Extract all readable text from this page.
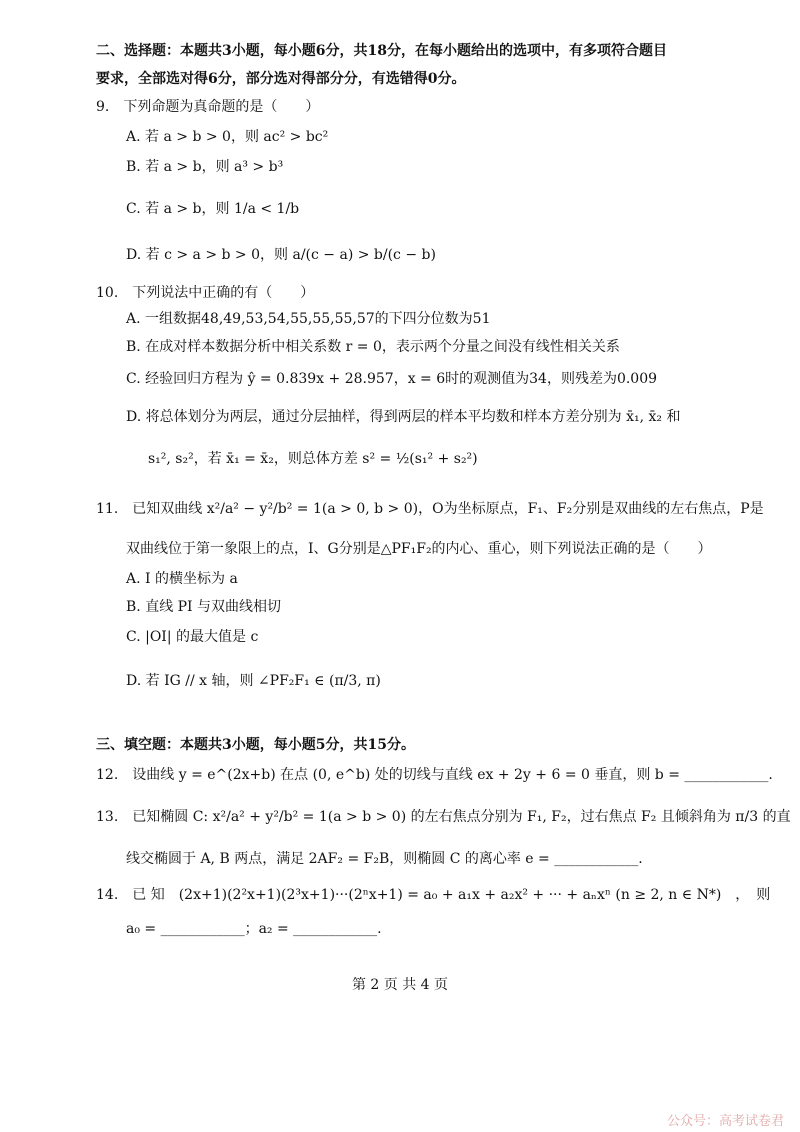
二、选择题：本题共3小题，每小题6分，共18分，在每小题给出的选项中，有多项符合题目
要求，全部选对得6分，部分选对得部分分，有选错得0分。
9.　下列命题为真命题的是（　　）
A. 若 a > b > 0，则 ac² > bc²
B. 若 a > b，则 a³ > b³
C. 若 a > b，则 1/a < 1/b
D. 若 c > a > b > 0，则 a/(c − a) > b/(c − b)
10.　下列说法中正确的有（　　）
A. 一组数据48,49,53,54,55,55,55,57的下四分位数为51
B. 在成对样本数据分析中相关系数 r = 0，表示两个分量之间没有线性相关关系
C. 经验回归方程为 ŷ = 0.839x + 28.957，x = 6时的观测值为34，则残差为0.009
D. 将总体划分为两层，通过分层抽样，得到两层的样本平均数和样本方差分别为 x̄₁, x̄₂ 和
s₁², s₂²，若 x̄₁ = x̄₂，则总体方差 s² = ½(s₁² + s₂²)
11.　已知双曲线 x²/a² − y²/b² = 1(a > 0, b > 0)，O为坐标原点，F₁、F₂分别是双曲线的左右焦点，P是
双曲线位于第一象限上的点，I、G分别是△PF₁F₂的内心、重心，则下列说法正确的是（　　）
A. I 的横坐标为 a
B. 直线 PI 与双曲线相切
C. |OI| 的最大值是 c
D. 若 IG // x 轴，则 ∠PF₂F₁ ∈ (π/3, π)
三、填空题：本题共3小题，每小题5分，共15分。
12.　设曲线 y = e^(2x+b) 在点 (0, e^b) 处的切线与直线 ex + 2y + 6 = 0 垂直，则 b = ____________.
13.　已知椭圆 C: x²/a² + y²/b² = 1(a > b > 0) 的左右焦点分别为 F₁, F₂，过右焦点 F₂ 且倾斜角为 π/3 的直
线交椭圆于 A, B 两点，满足 2AF₂ = F₂B，则椭圆 C 的离心率 e = ____________.
14.　已 知　(2x+1)(2²x+1)(2³x+1)···(2ⁿx+1) = a₀ + a₁x + a₂x² + ··· + aₙxⁿ (n ≥ 2, n ∈ N*)　，　则
a₀ = ____________；a₂ = ____________.
第 2 页 共 4 页
公众号：高考试卷君
